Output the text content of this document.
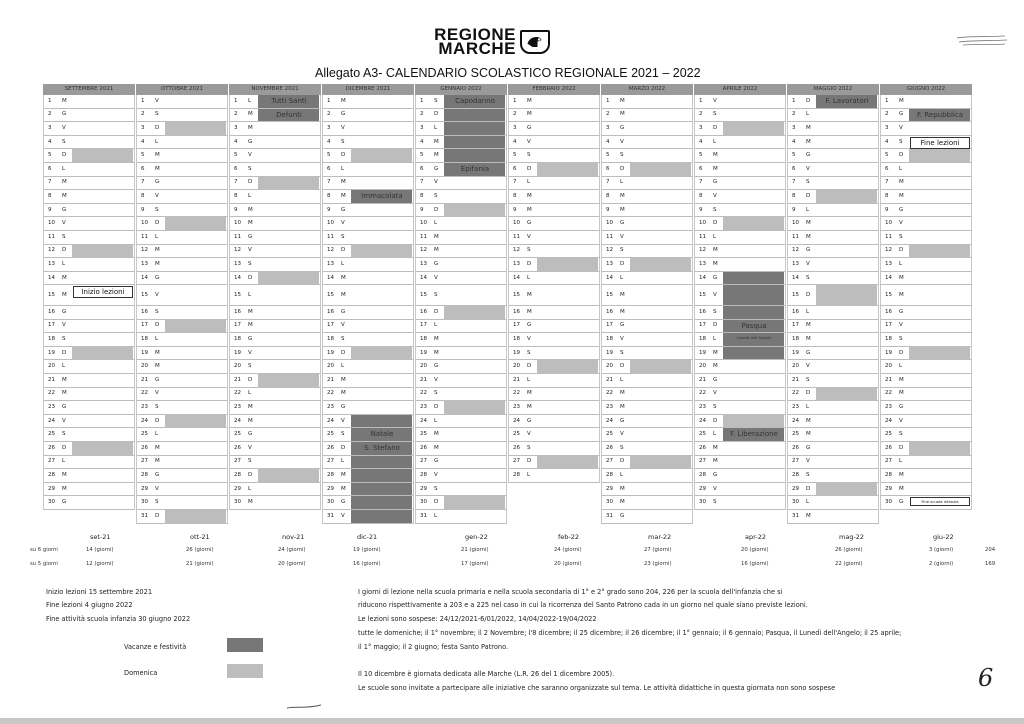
REGIONE
MARCHE
Allegato A3- CALENDARIO SCOLASTICO REGIONALE 2021 – 2022
SETTEMBRE 2021
1 M
2 G
3 V
4 S
5 D
6 L
7 M
8 M
9 G
10 V
11 S
12 D
13 L
14 M
15 M
16 G
17 V
18 S
19 D
20 L
21 M
22 M
23 G
24 V
25 S
26 D
27 L
28 M
29 M
30 G
OTTOBRE 2021
1 V
2 S
3 D
4 L
5 M
6 M
7 G
8 V
9 S
10 D
11 L
12 M
13 M
14 G
15 V
16 S
17 D
18 L
19 M
20 M
21 G
22 V
23 S
24 D
25 L
26 M
27 M
28 G
29 V
30 S
31 D
NOVEMBRE 2021
1 L
2 M
3 M
4 G
5 V
6 S
7 D
8 L
9 M
10 M
11 G
12 V
13 S
14 D
15 L
16 M
17 M
18 G
19 V
20 S
21 D
22 L
23 M
24 M
25 G
26 V
27 S
28 D
29 L
30 M
DICEMBRE 2021
1 M
2 G
3 V
4 S
5 D
6 L
7 M
8 M
9 G
10 V
11 S
12 D
13 L
14 M
15 M
16 G
17 V
18 S
19 D
20 L
21 M
22 M
23 G
24 V
25 S
26 D
27 L
28 M
29 M
30 G
31 V
GENNAIO 2022
1 S
2 D
3 L
4 M
5 M
6 G
7 V
8 S
9 D
10 L
11 M
12 M
13 G
14 V
15 S
16 D
17 L
18 M
19 M
20 G
21 V
22 S
23 D
24 L
25 M
26 M
27 G
28 V
29 S
30 D
31 L
FEBBRAIO 2022
1 M
2 M
3 G
4 V
5 S
6 D
7 L
8 M
9 M
10 G
11 V
12 S
13 D
14 L
15 M
16 M
17 G
18 V
19 S
20 D
21 L
22 M
23 M
24 G
25 V
26 S
27 D
28 L
MARZO 2022
1 M
2 M
3 G
4 V
5 S
6 D
7 L
8 M
9 M
10 G
11 V
12 S
13 D
14 L
15 M
16 M
17 G
18 V
19 S
20 D
21 L
22 M
23 M
24 G
25 V
26 S
27 D
28 L
29 M
30 M
31 G
APRILE 2022
1 V
2 S
3 D
4 L
5 M
6 M
7 G
8 V
9 S
10 D
11 L
12 M
13 M
14 G
15 V
16 S
17 D
18 L
19 M
20 M
21 G
22 V
23 S
24 D
25 L
26 M
27 M
28 G
29 V
30 S
MAGGIO 2022
1 D
2 L
3 M
4 M
5 G
6 V
7 S
8 D
9 L
10 M
11 M
12 G
13 V
14 S
15 D
16 L
17 M
18 M
19 G
20 V
21 S
22 D
23 L
24 M
25 M
26 G
27 V
28 S
29 D
30 L
31 M
GIUGNO 2022
1 M
2 G
3 V
4 S
5 D
6 L
7 M
8 M
9 G
10 V
11 S
12 D
13 L
14 M
15 M
16 G
17 V
18 S
19 D
20 L
21 M
22 M
23 G
24 V
25 S
26 D
27 L
28 M
29 M
30 G
Inizio lezioni
Tutti Santi
Defunti
Immacolata
Natale
S. Stefano
Capodanno
Epifania
Pasqua
Lunedì dell'Angelo
F. Liberazione
F. Lavoratori
F. Repubblica
Fine lezioni
Fine scuola infanzia
su 6 giorni
su 5 giorni
204
169
set-21
14 (giorni)
12 (giorni)
ott-21
26 (giorni)
21 (giorni)
nov-21
24 (giorni)
20 (giorni)
dic-21
19 (giorni)
16 (giorni)
gen-22
21 (giorni)
17 (giorni)
feb-22
24 (giorni)
20 (giorni)
mar-22
27 (giorni)
23 (giorni)
apr-22
20 (giorni)
16 (giorni)
mag-22
26 (giorni)
22 (giorni)
giu-22
3 (giorni)
2 (giorni)
Inizio lezioni 15 settembre 2021
Fine lezioni 4 giugno 2022
Fine attività scuola infanzia 30 giugno 2022
Vacanze e festività
Domenica
I giorni di lezione nella scuola primaria e nella scuola secondaria di 1° e 2° grado sono 204, 226 per la scuola dell'infanzia che si
riducono rispettivamente a 203 e a 225 nel caso in cui la ricorrenza del Santo Patrono cada in un giorno nel quale siano previste lezioni.
Le lezioni sono sospese: 24/12/2021-6/01/2022, 14/04/2022-19/04/2022
tutte le domeniche; il 1° novembre; il 2 Novembre; l'8 dicembre; il 25 dicembre; il 26 dicembre; il 1° gennaio; il 6 gennaio; Pasqua, il Lunedì dell'Angelo; il 25 aprile;
il 1° maggio; il 2 giugno; festa Santo Patrono.
Il 10 dicembre è giornata dedicata alle Marche (L.R. 26 del 1 dicembre 2005).
Le scuole sono invitate a partecipare alle iniziative che saranno organizzate sul tema. Le attività didattiche in questa giornata non sono sospese	6
